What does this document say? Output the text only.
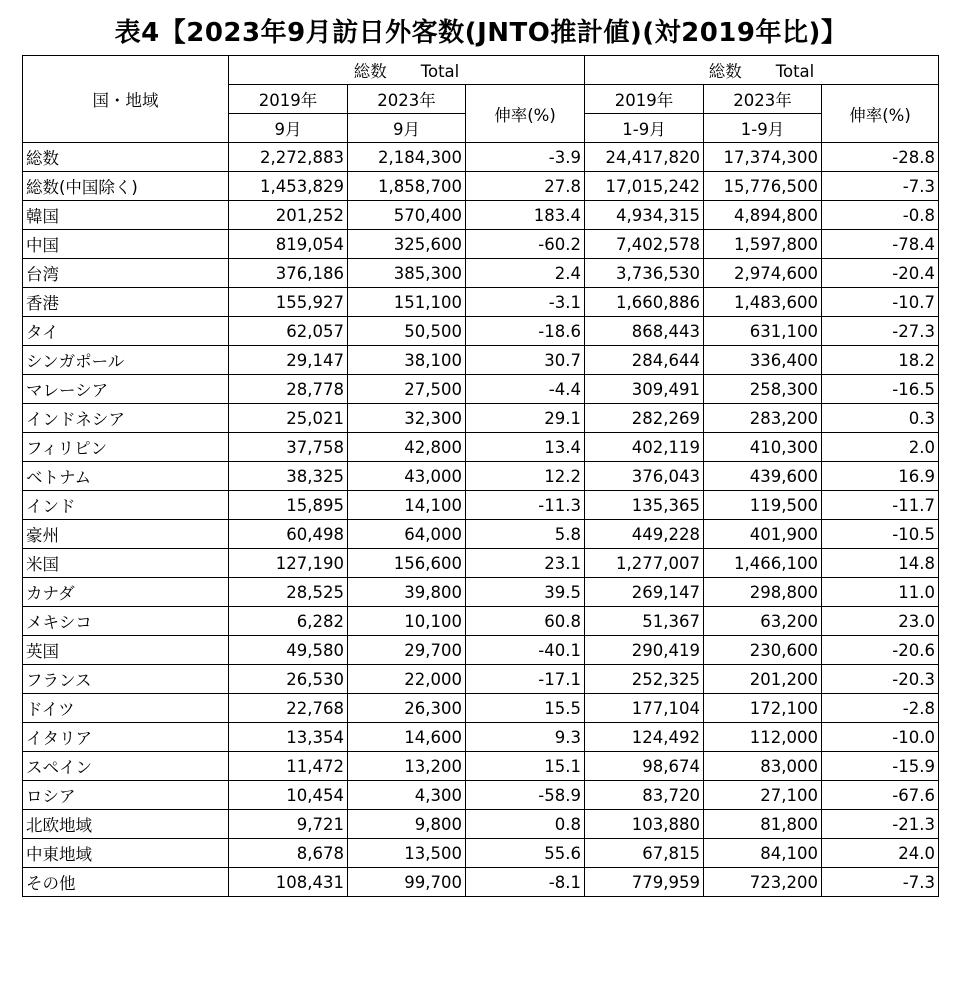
表4【2023年9月訪日外客数(JNTO推計値)(対2019年比)】
国・地域	総数 Total			総数 Total		
	2019年	2023年	伸率(%)	2019年	2023年	伸率(%)
	9月	9月		1-9月	1-9月	
総数	2,272,883	2,184,300	-3.9	24,417,820	17,374,300	-28.8
総数(中国除く)	1,453,829	1,858,700	27.8	17,015,242	15,776,500	-7.3
韓国	201,252	570,400	183.4	4,934,315	4,894,800	-0.8
中国	819,054	325,600	-60.2	7,402,578	1,597,800	-78.4
台湾	376,186	385,300	2.4	3,736,530	2,974,600	-20.4
香港	155,927	151,100	-3.1	1,660,886	1,483,600	-10.7
タイ	62,057	50,500	-18.6	868,443	631,100	-27.3
シンガポール	29,147	38,100	30.7	284,644	336,400	18.2
マレーシア	28,778	27,500	-4.4	309,491	258,300	-16.5
インドネシア	25,021	32,300	29.1	282,269	283,200	0.3
フィリピン	37,758	42,800	13.4	402,119	410,300	2.0
ベトナム	38,325	43,000	12.2	376,043	439,600	16.9
インド	15,895	14,100	-11.3	135,365	119,500	-11.7
豪州	60,498	64,000	5.8	449,228	401,900	-10.5
米国	127,190	156,600	23.1	1,277,007	1,466,100	14.8
カナダ	28,525	39,800	39.5	269,147	298,800	11.0
メキシコ	6,282	10,100	60.8	51,367	63,200	23.0
英国	49,580	29,700	-40.1	290,419	230,600	-20.6
フランス	26,530	22,000	-17.1	252,325	201,200	-20.3
ドイツ	22,768	26,300	15.5	177,104	172,100	-2.8
イタリア	13,354	14,600	9.3	124,492	112,000	-10.0
スペイン	11,472	13,200	15.1	98,674	83,000	-15.9
ロシア	10,454	4,300	-58.9	83,720	27,100	-67.6
北欧地域	9,721	9,800	0.8	103,880	81,800	-21.3
中東地域	8,678	13,500	55.6	67,815	84,100	24.0
その他	108,431	99,700	-8.1	779,959	723,200	-7.3
